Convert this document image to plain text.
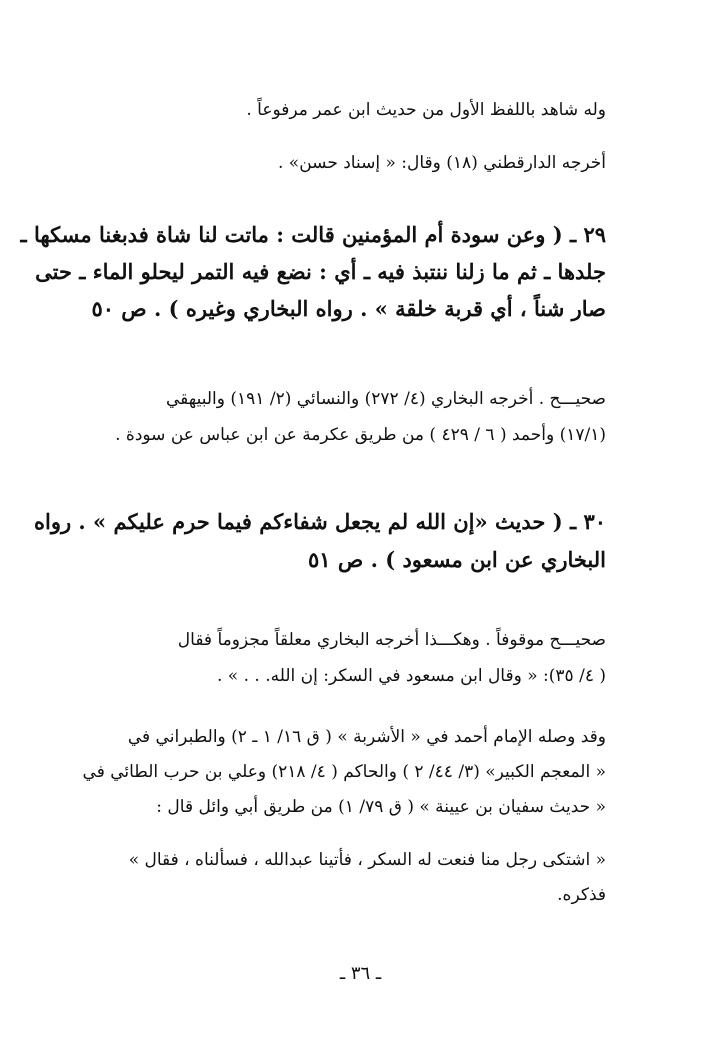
وله شاهد باللفظ الأول من حديث ابن عمر مرفوعاً .
أخرجه الدارقطني (١٨) وقال: « إسناد حسن» .
٢٩ ـ ( وعن سودة أم المؤمنين قالت : ماتت لنا شاة فدبغنا مسكها ـ
جلدها ـ ثم ما زلنا ننتبذ فيه ـ أي : نضع فيه التمر ليحلو الماء ـ حتى
صار شناً ، أي قربة خلقة » . رواه البخاري وغيره ) . ص ٥٠
صحيـــح . أخرجه البخاري (٤/ ٢٧٢) والنسائي (٢/ ١٩١) والبيهقي
(١٧/١) وأحمد ( ٦ / ٤٢٩ ) من طريق عكرمة عن ابن عباس عن سودة .
٣٠ ـ ( حديث «إن الله لم يجعل شفاءكم فيما حرم عليكم » . رواه
البخاري عن ابن مسعود ) . ص ٥١
صحيـــح موقوفاً . وهكـــذا أخرجه البخاري معلقاً مجزوماً فقال
( ٤/ ٣٥): « وقال ابن مسعود في السكر: إن الله. . . » .
وقد وصله الإمام أحمد في « الأشربة » ( ق ١٦/ ١ ـ ٢) والطبراني في
« المعجم الكبير» (٣/ ٤٤/ ٢ ) والحاكم ( ٤/ ٢١٨) وعلي بن حرب الطائي في
« حديث سفيان بن عيينة » ( ق ٧٩/ ١) من طريق أبي وائل قال :
« اشتكى رجل منا فنعت له السكر ، فأتينا عبدالله ، فسألناه ، فقال »
فذكره.
ـ ٣٦ ـ
